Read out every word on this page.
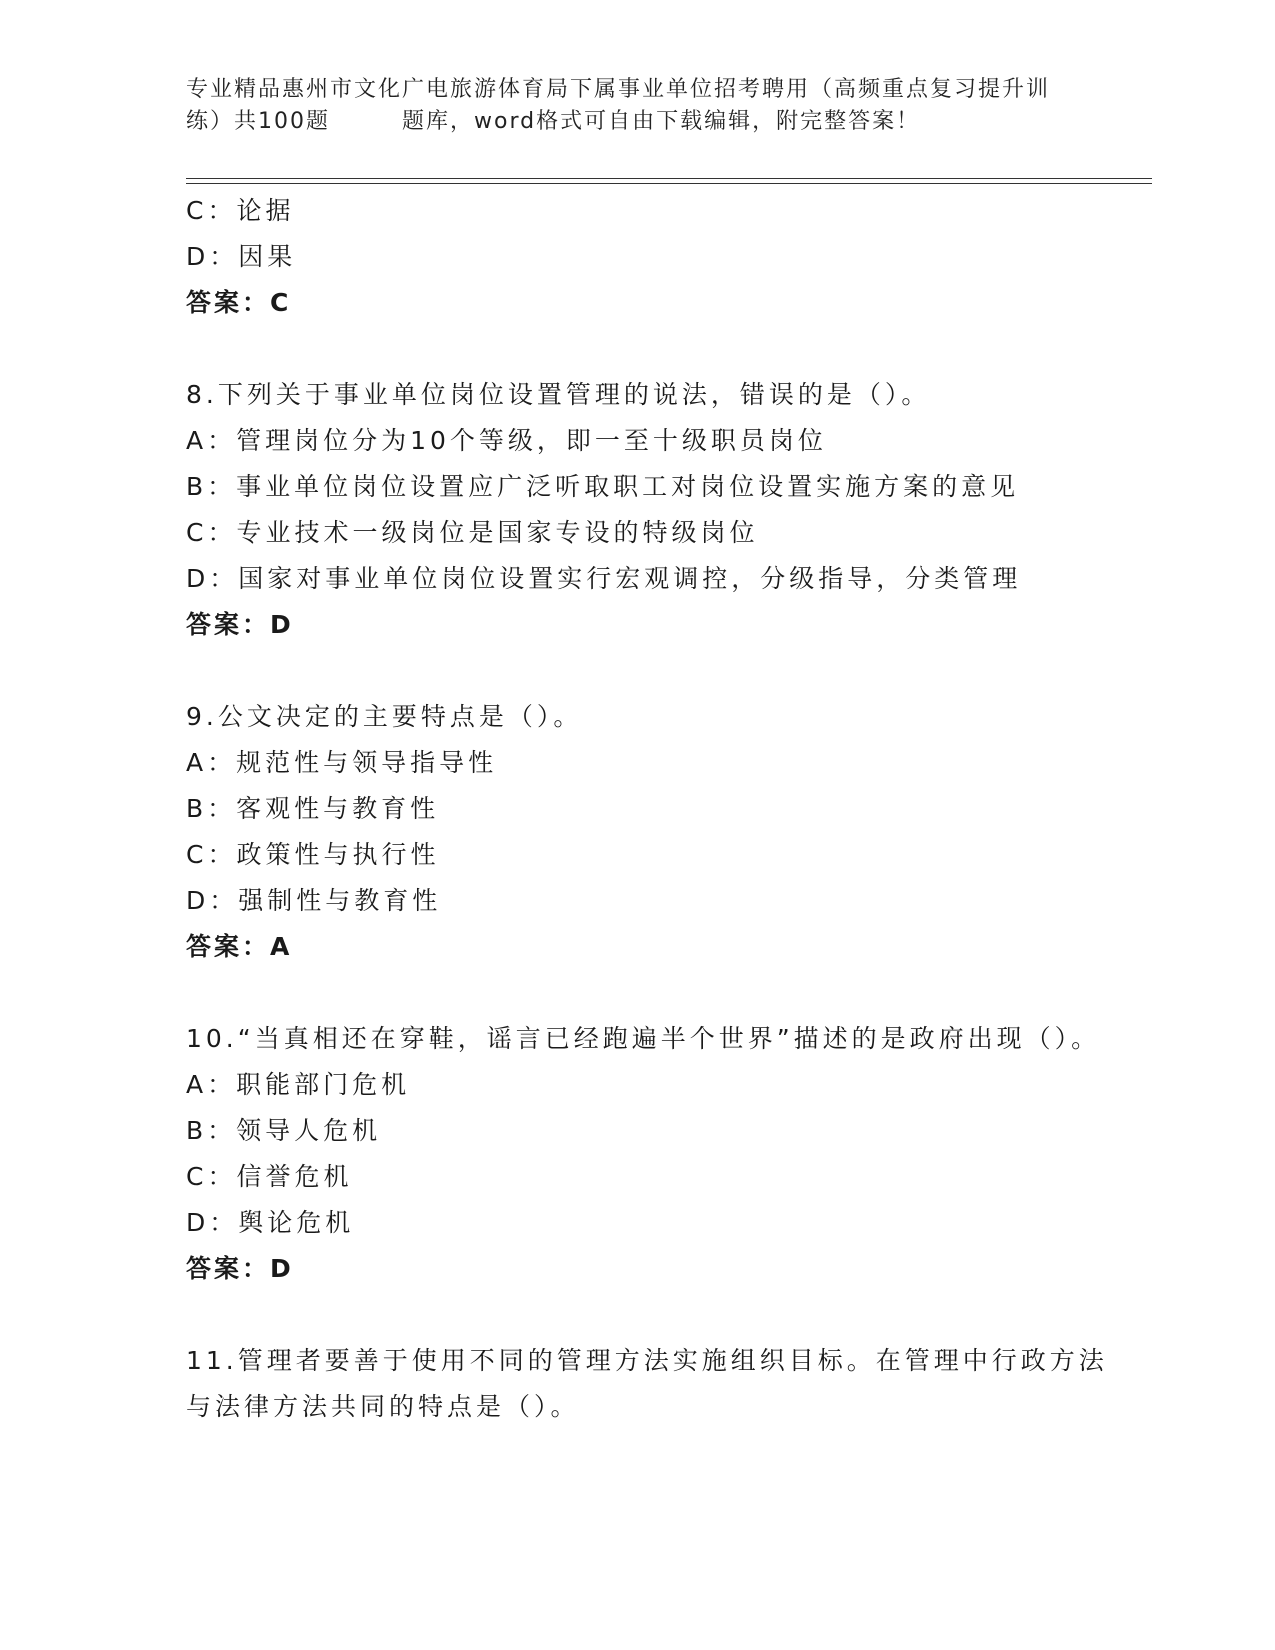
专业精品惠州市文化广电旅游体育局下属事业单位招考聘用（高频重点复习提升训练）共100题	题库，word格式可自由下载编辑，附完整答案！
C：论据
D：因果
答案：C
8.下列关于事业单位岗位设置管理的说法，错误的是（）。
A：管理岗位分为10个等级，即一至十级职员岗位
B：事业单位岗位设置应广泛听取职工对岗位设置实施方案的意见
C：专业技术一级岗位是国家专设的特级岗位
D：国家对事业单位岗位设置实行宏观调控，分级指导，分类管理
答案：D
9.公文决定的主要特点是（）。
A：规范性与领导指导性
B：客观性与教育性
C：政策性与执行性
D：强制性与教育性
答案：A
10.“当真相还在穿鞋，谣言已经跑遍半个世界”描述的是政府出现（）。
A：职能部门危机
B：领导人危机
C：信誉危机
D：舆论危机
答案：D
11.管理者要善于使用不同的管理方法实施组织目标。在管理中行政方法与法律方法共同的特点是（）。
